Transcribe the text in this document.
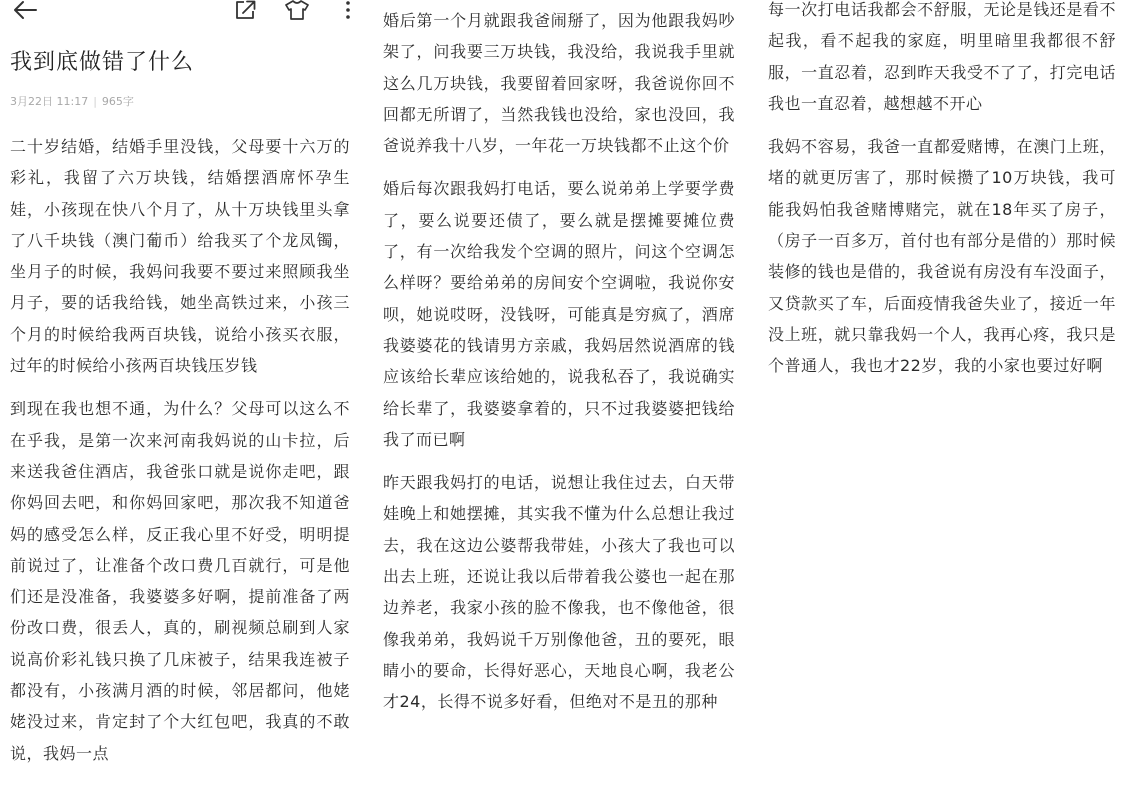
我到底做错了什么
3月22日 11:17 | 965字

二十岁结婚，结婚手里没钱，父母要十六万的彩礼，我留了六万块钱，结婚摆酒席怀孕生娃，小孩现在快八个月了，从十万块钱里头拿了八千块钱（澳门葡币）给我买了个龙凤镯，坐月子的时候，我妈问我要不要过来照顾我坐月子，要的话我给钱，她坐高铁过来，小孩三个月的时候给我两百块钱，说给小孩买衣服，过年的时候给小孩两百块钱压岁钱

到现在我也想不通，为什么？父母可以这么不在乎我，是第一次来河南我妈说的山卡拉，后来送我爸住酒店，我爸张口就是说你走吧，跟你妈回去吧，和你妈回家吧，那次我不知道爸妈的感受怎么样，反正我心里不好受，明明提前说过了，让准备个改口费几百就行，可是他们还是没准备，我婆婆多好啊，提前准备了两份改口费，很丢人，真的，刷视频总刷到人家说高价彩礼钱只换了几床被子，结果我连被子都没有，小孩满月酒的时候，邻居都问，他姥姥没过来，肯定封了个大红包吧，我真的不敢说，我妈一点

婚后第一个月就跟我爸闹掰了，因为他跟我妈吵架了，问我要三万块钱，我没给，我说我手里就这么几万块钱，我要留着回家呀，我爸说你回不回都无所谓了，当然我钱也没给，家也没回，我爸说养我十八岁，一年花一万块钱都不止这个价

婚后每次跟我妈打电话，要么说弟弟上学要学费了，要么说要还债了，要么就是摆摊要摊位费了，有一次给我发个空调的照片，问这个空调怎么样呀？要给弟弟的房间安个空调啦，我说你安呗，她说哎呀，没钱呀，可能真是穷疯了，酒席我婆婆花的钱请男方亲戚，我妈居然说酒席的钱应该给长辈应该给她的，说我私吞了，我说确实给长辈了，我婆婆拿着的，只不过我婆婆把钱给我了而已啊

昨天跟我妈打的电话，说想让我住过去，白天带娃晚上和她摆摊，其实我不懂为什么总想让我过去，我在这边公婆帮我带娃，小孩大了我也可以出去上班，还说让我以后带着我公婆也一起在那边养老，我家小孩的脸不像我，也不像他爸，很像我弟弟，我妈说千万别像他爸，丑的要死，眼睛小的要命，长得好恶心，天地良心啊，我老公才24，长得不说多好看，但绝对不是丑的那种

每一次打电话我都会不舒服，无论是钱还是看不起我，看不起我的家庭，明里暗里我都很不舒服，一直忍着，忍到昨天我受不了了，打完电话我也一直忍着，越想越不开心

我妈不容易，我爸一直都爱赌博，在澳门上班，堵的就更厉害了，那时候攒了10万块钱，我可能我妈怕我爸赌博赌完，就在18年买了房子，（房子一百多万，首付也有部分是借的）那时候装修的钱也是借的，我爸说有房没有车没面子，又贷款买了车，后面疫情我爸失业了，接近一年没上班，就只靠我妈一个人，我再心疼，我只是个普通人，我也才22岁，我的小家也要过好啊
